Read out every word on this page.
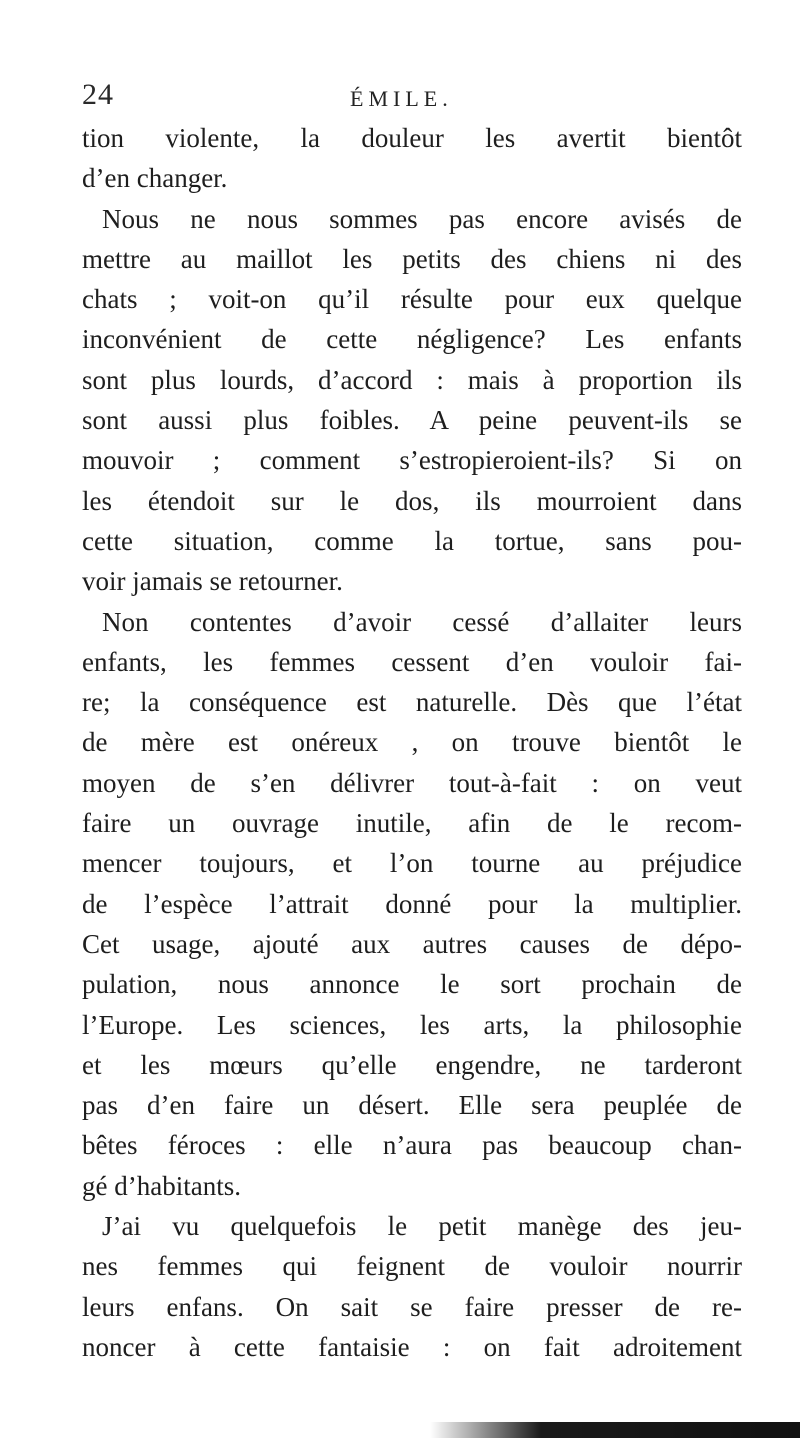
24	ÉMILE.
tion violente, la douleur les avertit bientôt
d’en changer.
Nous ne nous sommes pas encore avisés de
mettre au maillot les petits des chiens ni des
chats ; voit-on qu’il résulte pour eux quelque
inconvénient de cette négligence? Les enfants
sont plus lourds, d’accord : mais à proportion ils
sont aussi plus foibles. A peine peuvent-ils se
mouvoir ; comment s’estropieroient-ils? Si on
les étendoit sur le dos, ils mourroient dans
cette situation, comme la tortue, sans pou-
voir jamais se retourner.
Non contentes d’avoir cessé d’allaiter leurs
enfants, les femmes cessent d’en vouloir fai-
re; la conséquence est naturelle. Dès que l’état
de mère est onéreux , on trouve bientôt le
moyen de s’en délivrer tout-à-fait : on veut
faire un ouvrage inutile, afin de le recom-
mencer toujours, et l’on tourne au préjudice
de l’espèce l’attrait donné pour la multiplier.
Cet usage, ajouté aux autres causes de dépo-
pulation, nous annonce le sort prochain de
l’Europe. Les sciences, les arts, la philosophie
et les mœurs qu’elle engendre, ne tarderont
pas d’en faire un désert. Elle sera peuplée de
bêtes féroces : elle n’aura pas beaucoup chan-
gé d’habitants.
J’ai vu quelquefois le petit manège des jeu-
nes femmes qui feignent de vouloir nourrir
leurs enfans. On sait se faire presser de re-
noncer à cette fantaisie : on fait adroitement
